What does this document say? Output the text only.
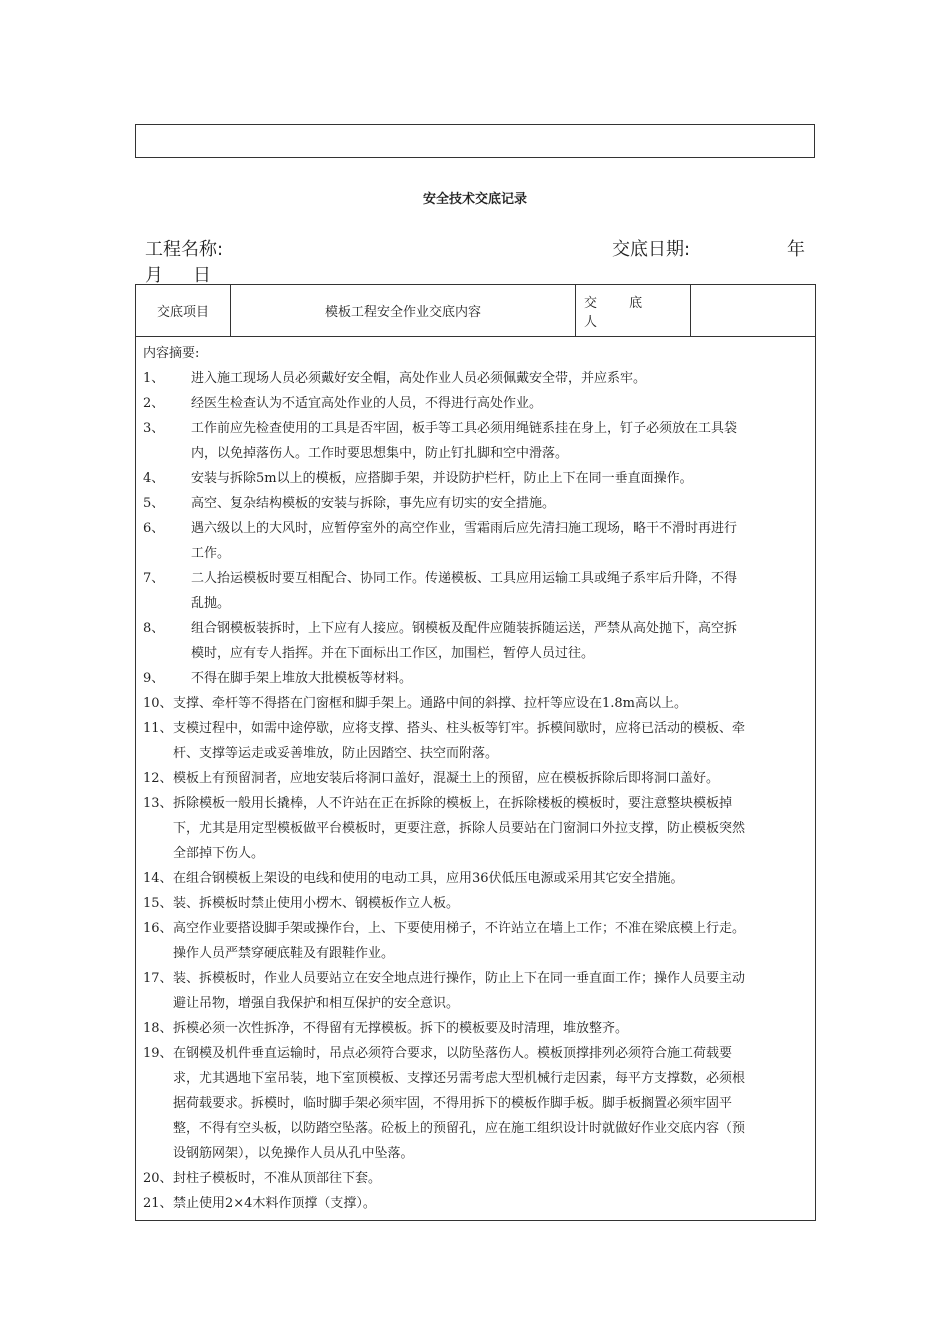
安全技术交底记录
工程名称:	交底日期:	年
月 日
交底项目	模板工程安全作业交底内容	交 底 人	

内容摘要:
1、	进入施工现场人员必须戴好安全帽，高处作业人员必须佩戴安全带，并应系牢。
2、	经医生检查认为不适宜高处作业的人员，不得进行高处作业。
3、	工作前应先检查使用的工具是否牢固，板手等工具必须用绳链系挂在身上，钉子必须放在工具袋
内，以免掉落伤人。工作时要思想集中，防止钉扎脚和空中滑落。
4、	安装与拆除5m以上的模板，应搭脚手架，并设防护栏杆，防止上下在同一垂直面操作。
5、	高空、复杂结构模板的安装与拆除，事先应有切实的安全措施。
6、	遇六级以上的大风时，应暂停室外的高空作业，雪霜雨后应先清扫施工现场，略干不滑时再进行
工作。
7、	二人抬运模板时要互相配合、协同工作。传递模板、工具应用运输工具或绳子系牢后升降，不得
乱抛。
8、	组合钢模板装拆时，上下应有人接应。钢模板及配件应随装拆随运送，严禁从高处抛下，高空拆
模时，应有专人指挥。并在下面标出工作区，加围栏，暂停人员过往。
9、	不得在脚手架上堆放大批模板等材料。
10、 支撑、牵杆等不得搭在门窗框和脚手架上。通路中间的斜撑、拉杆等应设在1.8m高以上。
11、 支模过程中，如需中途停歇，应将支撑、搭头、柱头板等钉牢。拆模间歇时，应将已活动的模板、牵
杆、支撑等运走或妥善堆放，防止因踏空、扶空而附落。
12、 模板上有预留洞者，应地安装后将洞口盖好，混凝土上的预留，应在模板拆除后即将洞口盖好。
13、 拆除模板一般用长撬棒，人不许站在正在拆除的模板上，在拆除楼板的模板时，要注意整块模板掉
下，尤其是用定型模板做平台模板时，更要注意，拆除人员要站在门窗洞口外拉支撑，防止模板突然
全部掉下伤人。
14、 在组合钢模板上架设的电线和使用的电动工具，应用36伏低压电源或采用其它安全措施。
15、 装、拆模板时禁止使用小楞木、钢模板作立人板。
16、 高空作业要搭设脚手架或操作台，上、下要使用梯子，不许站立在墙上工作；不准在梁底模上行走。
操作人员严禁穿硬底鞋及有跟鞋作业。
17、 装、拆模板时，作业人员要站立在安全地点进行操作，防止上下在同一垂直面工作；操作人员要主动
避让吊物，增强自我保护和相互保护的安全意识。
18、 拆模必须一次性拆净，不得留有无撑模板。拆下的模板要及时清理，堆放整齐。
19、 在钢模及机件垂直运输时，吊点必须符合要求，以防坠落伤人。模板顶撑排列必须符合施工荷载要
求，尤其遇地下室吊装，地下室顶模板、支撑还另需考虑大型机械行走因素，每平方支撑数，必须根
据荷载要求。拆模时，临时脚手架必须牢固，不得用拆下的模板作脚手板。脚手板搁置必须牢固平
整，不得有空头板，以防踏空坠落。砼板上的预留孔，应在施工组织设计时就做好作业交底内容（预
设钢筋网架），以免操作人员从孔中坠落。
20、 封柱子模板时，不准从顶部往下套。
21、 禁止使用2×4木料作顶撑（支撑）。
